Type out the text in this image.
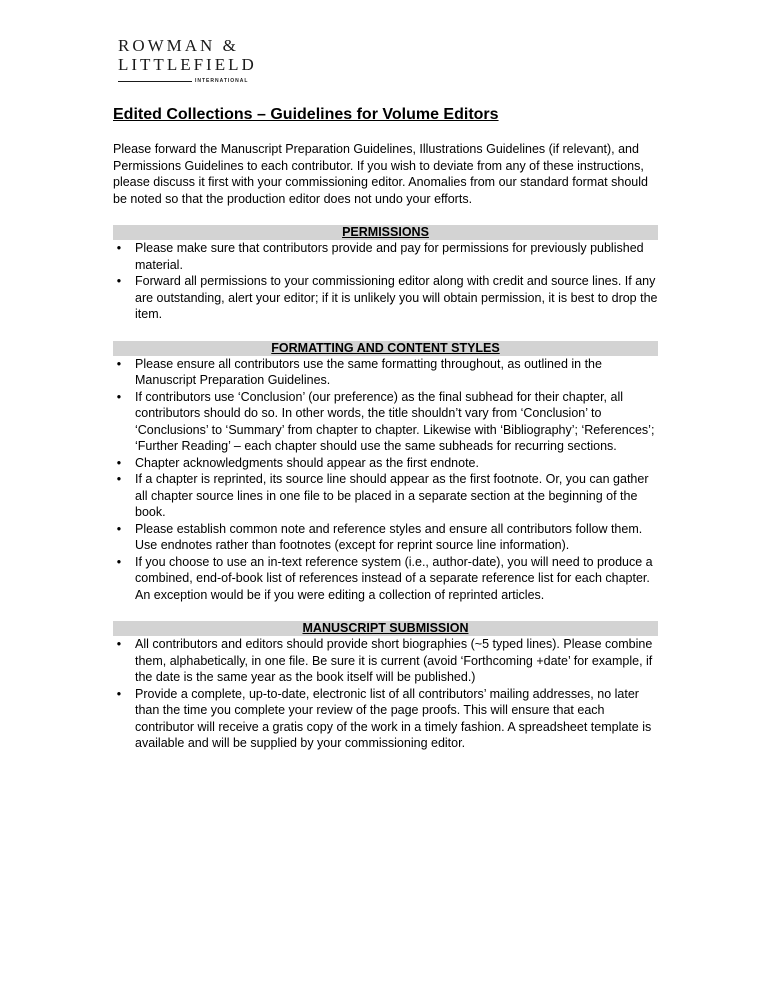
ROWMAN &
LITTLEFIELD
INTERNATIONAL
Edited Collections – Guidelines for Volume Editors

Please forward the Manuscript Preparation Guidelines, Illustrations Guidelines (if relevant), and Permissions Guidelines to each contributor. If you wish to deviate from any of these instructions, please discuss it first with your commissioning editor. Anomalies from our standard format should be noted so that the production editor does not undo your efforts.

PERMISSIONS
•	Please make sure that contributors provide and pay for permissions for previously published material.
•	Forward all permissions to your commissioning editor along with credit and source lines. If any are outstanding, alert your editor; if it is unlikely you will obtain permission, it is best to drop the item.
FORMATTING AND CONTENT STYLES
•	Please ensure all contributors use the same formatting throughout, as outlined in the Manuscript Preparation Guidelines.
•	If contributors use ‘Conclusion’ (our preference) as the final subhead for their chapter, all contributors should do so. In other words, the title shouldn’t vary from ‘Conclusion’ to ‘Conclusions’ to ‘Summary’ from chapter to chapter. Likewise with ‘Bibliography’; ‘References’; ‘Further Reading’ – each chapter should use the same subheads for recurring sections.
•	Chapter acknowledgments should appear as the first endnote.
•	If a chapter is reprinted, its source line should appear as the first footnote. Or, you can gather all chapter source lines in one file to be placed in a separate section at the beginning of the book.
•	Please establish common note and reference styles and ensure all contributors follow them. Use endnotes rather than footnotes (except for reprint source line information).
•	If you choose to use an in-text reference system (i.e., author-date), you will need to produce a combined, end-of-book list of references instead of a separate reference list for each chapter. An exception would be if you were editing a collection of reprinted articles.
MANUSCRIPT SUBMISSION
•	All contributors and editors should provide short biographies (~5 typed lines). Please combine them, alphabetically, in one file. Be sure it is current (avoid ‘Forthcoming +date’ for example, if the date is the same year as the book itself will be published.)
•	Provide a complete, up-to-date, electronic list of all contributors’ mailing addresses, no later than the time you complete your review of the page proofs. This will ensure that each contributor will receive a gratis copy of the work in a timely fashion. A spreadsheet template is available and will be supplied by your commissioning editor.
